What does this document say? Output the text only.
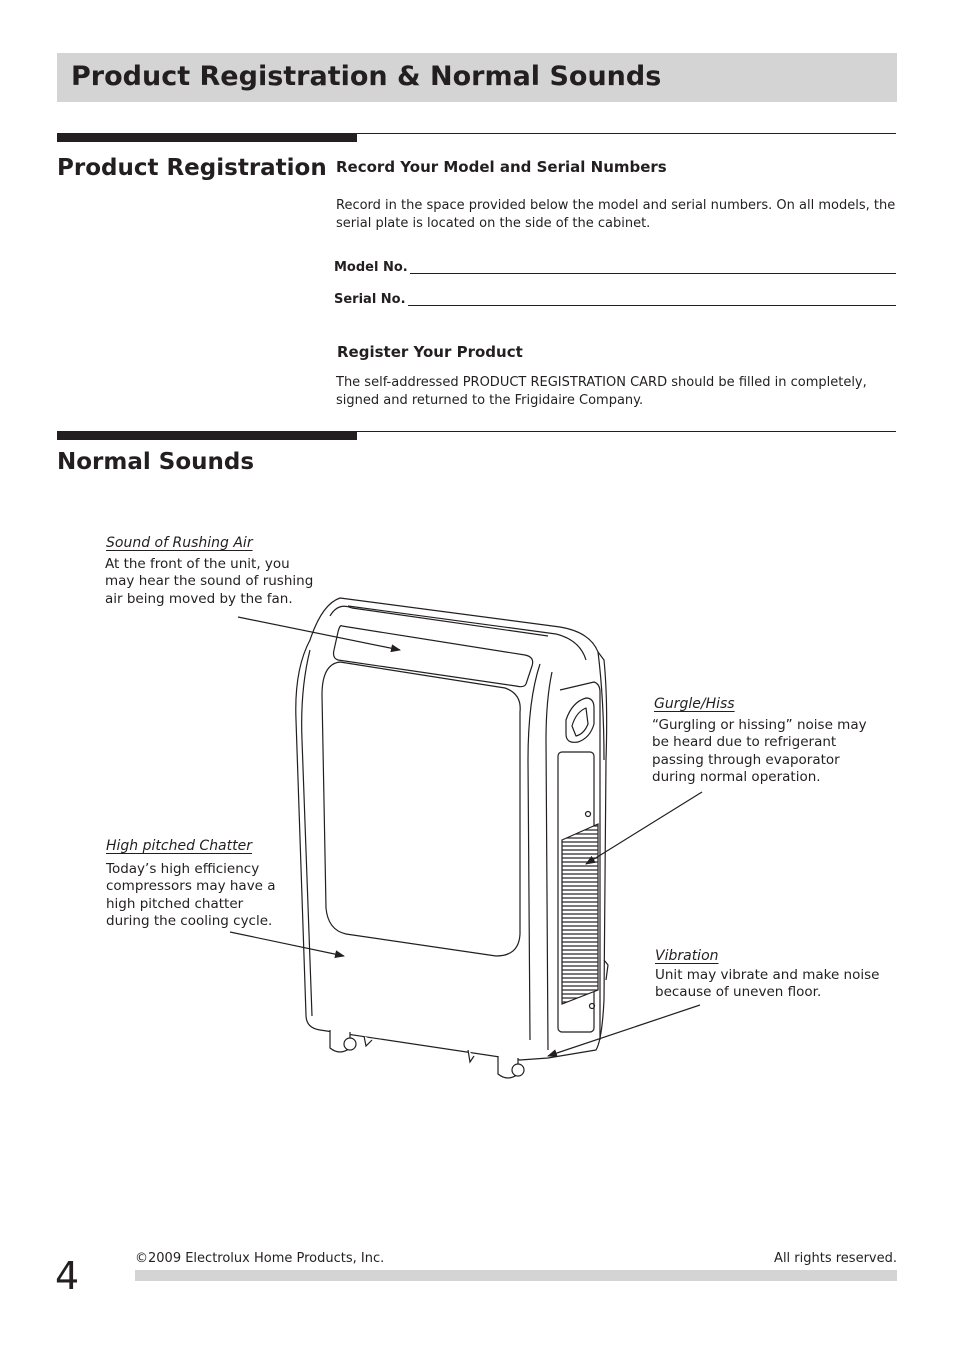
Product Registration & Normal Sounds
Product Registration Record Your Model and Serial Numbers
Record in the space provided below the model and serial numbers. On all models, the serial plate is located on the side of the cabinet.
Model No.
Serial No.
Register Your Product
The self-addressed PRODUCT REGISTRATION CARD should be filled in completely, signed and returned to the Frigidaire Company.
Normal Sounds
Sound of Rushing Air
At the front of the unit, you may hear the sound of rushing air being moved by the fan.
Gurgle/Hiss
“Gurgling or hissing” noise may be heard due to refrigerant passing through evaporator during normal operation.
High pitched Chatter
Today’s high efficiency compressors may have a high pitched chatter during the cooling cycle.
Vibration
Unit may vibrate and make noise because of uneven floor.
4	©2009 Electrolux Home Products, Inc.	All rights reserved.
